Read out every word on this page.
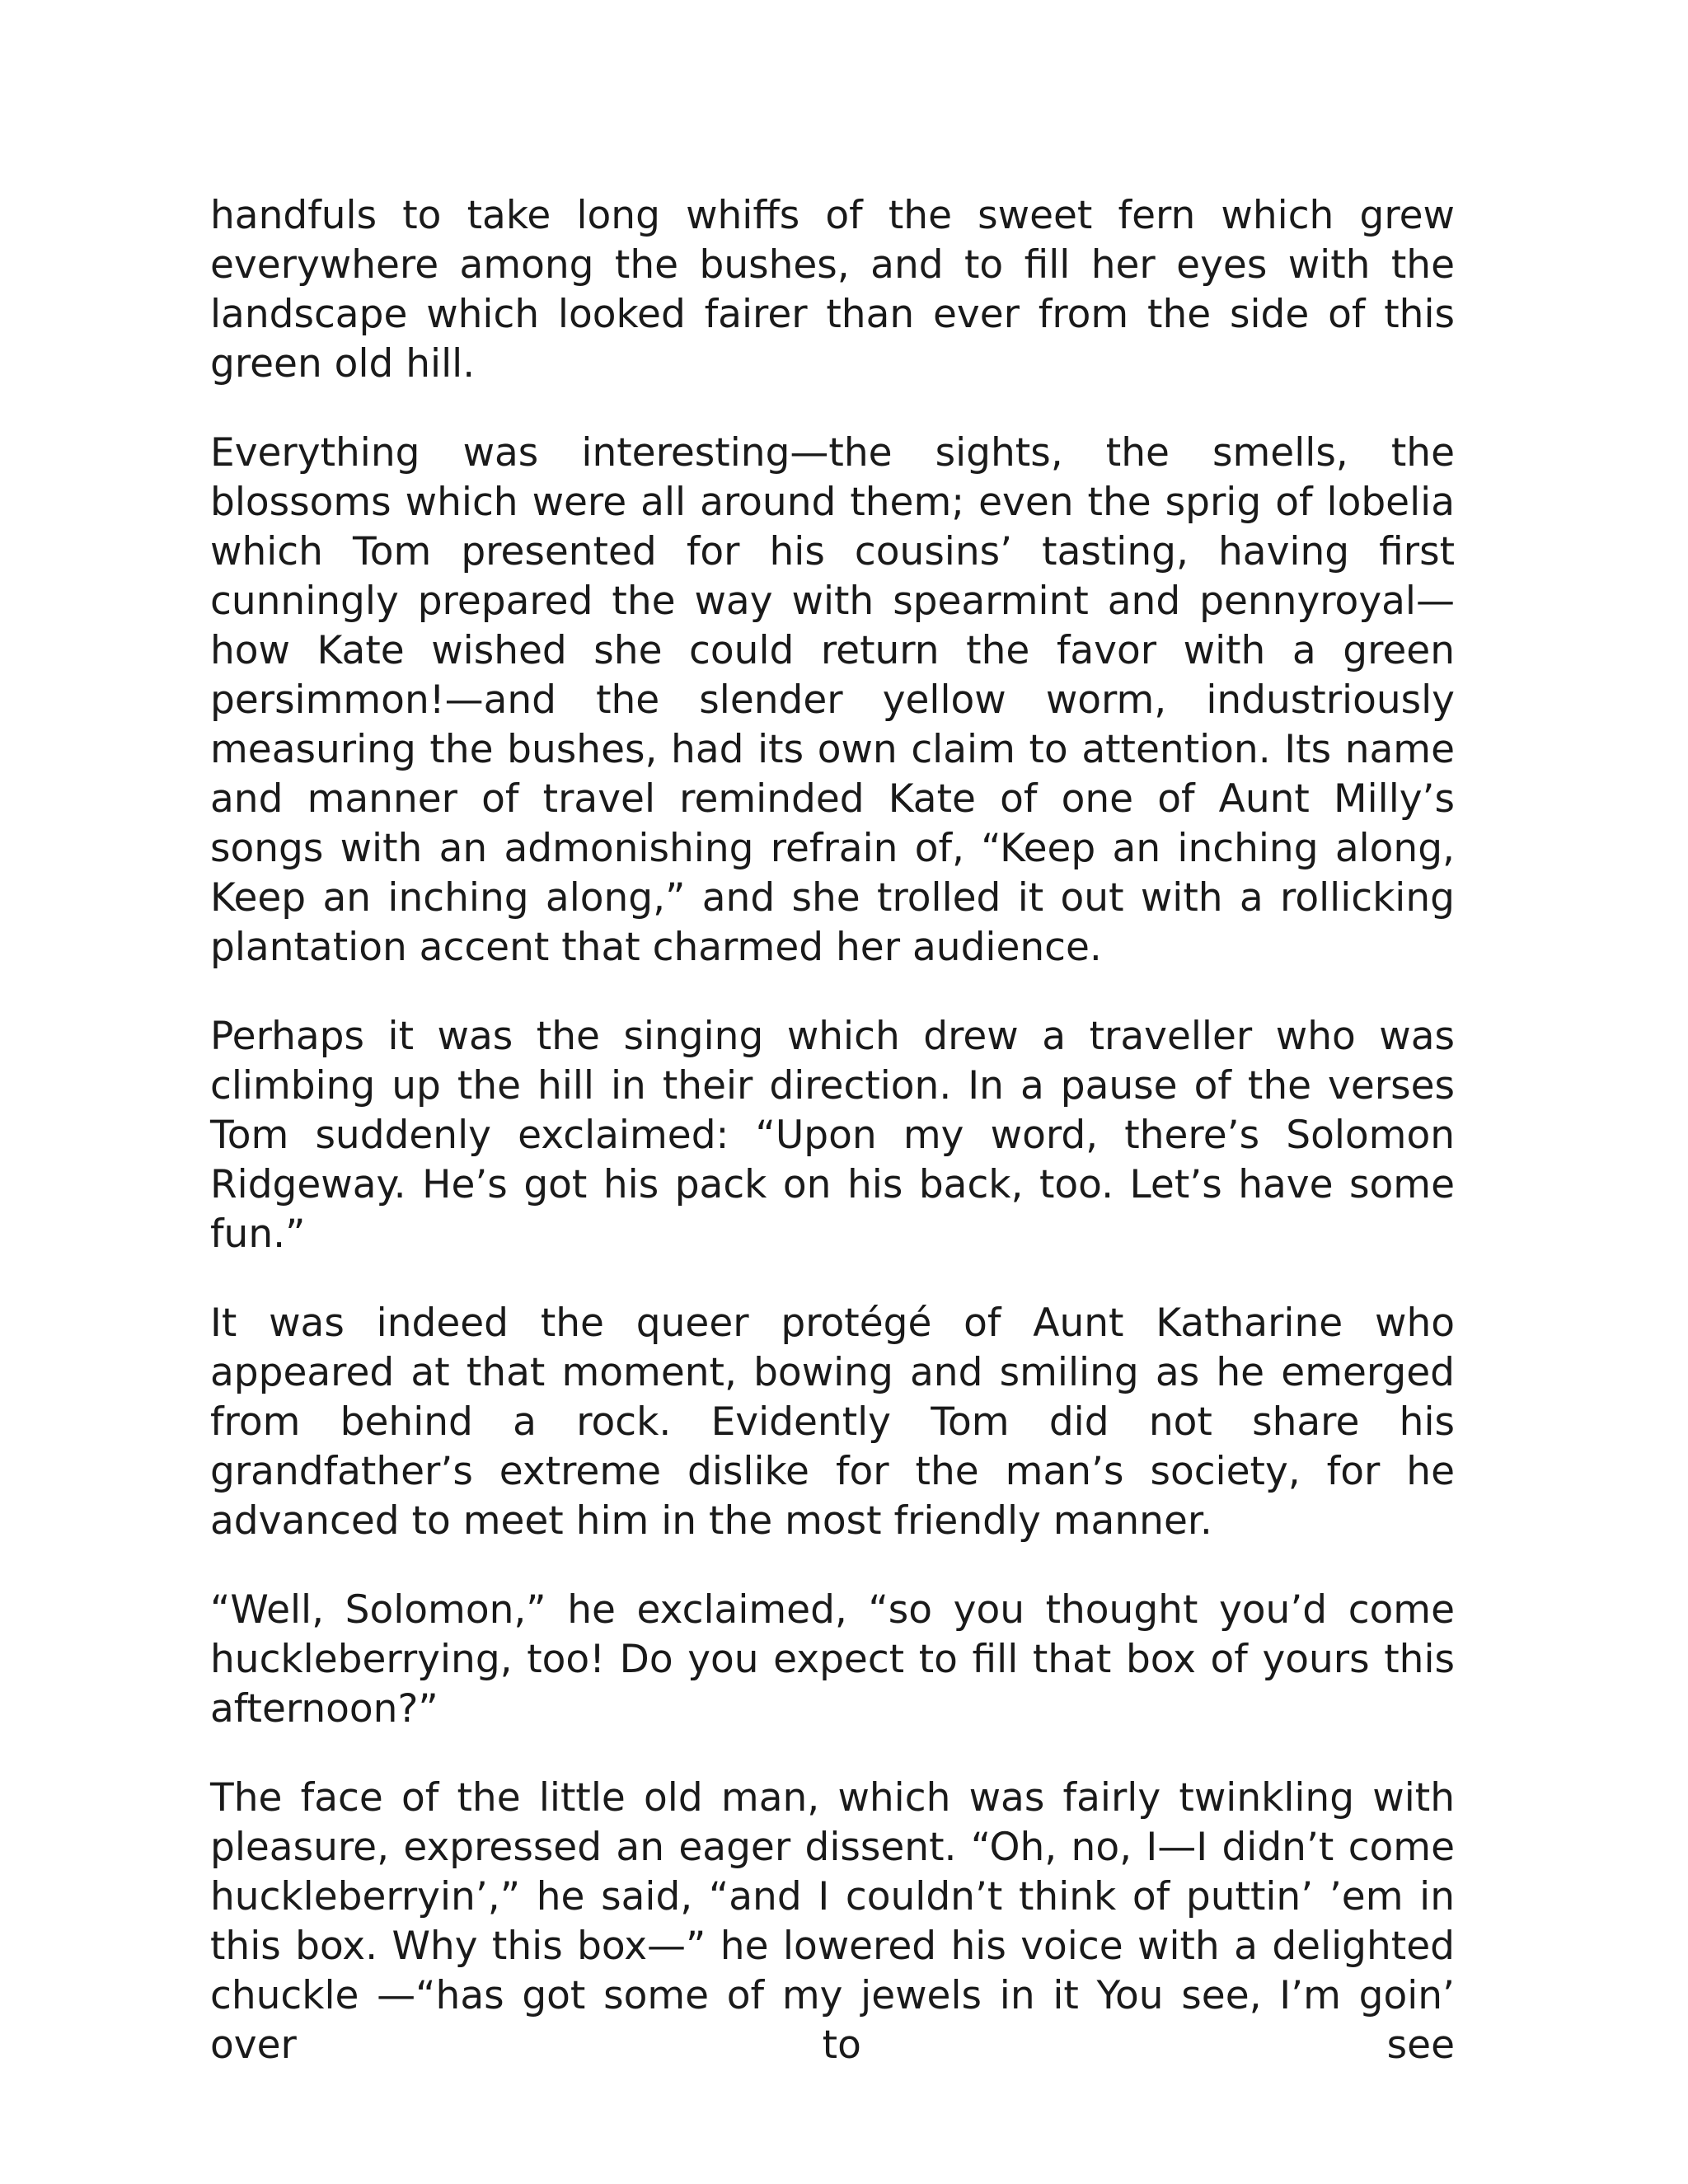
handfuls to take long whiffs of the sweet fern which grew everywhere among the bushes, and to fill her eyes with the landscape which looked fairer than ever from the side of this green old hill.

Everything was interesting—the sights, the smells, the blossoms which were all around them; even the sprig of lobelia which Tom presented for his cousins’ tasting, having first cunningly prepared the way with spearmint and pennyroyal—how Kate wished she could return the favor with a green persimmon!—and the slender yellow worm, industriously measuring the bushes, had its own claim to attention. Its name and manner of travel reminded Kate of one of Aunt Milly’s songs with an admonishing refrain of, “Keep an inching along, Keep an inching along,” and she trolled it out with a rollicking plantation accent that charmed her audience.

Perhaps it was the singing which drew a traveller who was climbing up the hill in their direction. In a pause of the verses Tom suddenly exclaimed: “Upon my word, there’s Solomon Ridgeway. He’s got his pack on his back, too. Let’s have some fun.”

It was indeed the queer protégé of Aunt Katharine who appeared at that moment, bowing and smiling as he emerged from behind a rock. Evidently Tom did not share his grandfather’s extreme dislike for the man’s society, for he advanced to meet him in the most friendly manner.

“Well, Solomon,” he exclaimed, “so you thought you’d come huckleberrying, too! Do you expect to fill that box of yours this afternoon?”

The face of the little old man, which was fairly twinkling with pleasure, expressed an eager dissent. “Oh, no, I—I didn’t come huckleberryin’,” he said, “and I couldn’t think of puttin’ ’em in this box. Why this box—” he lowered his voice with a delighted chuckle —“has got some of my jewels in it You see, I’m goin’ over to see
